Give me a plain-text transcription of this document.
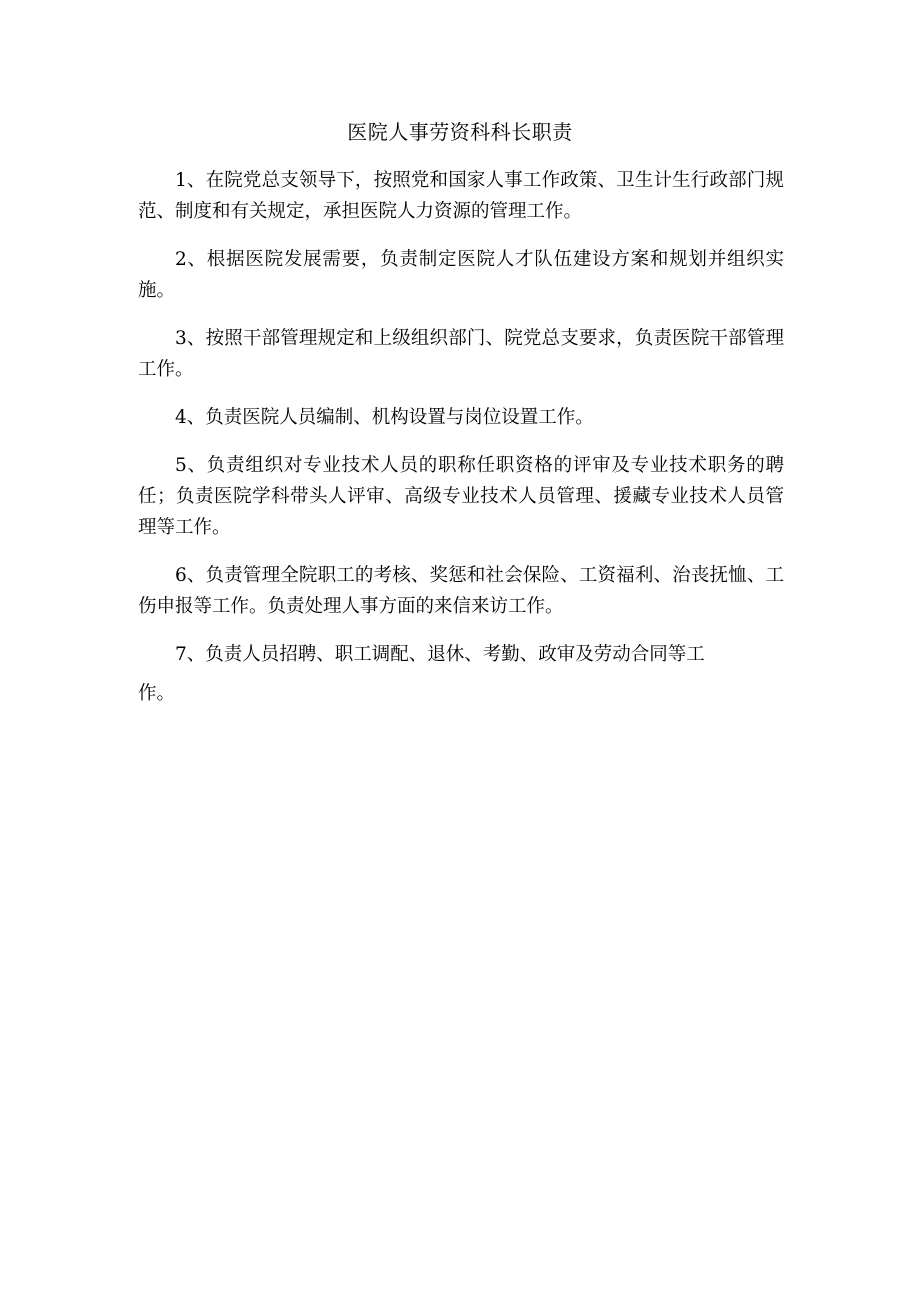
医院人事劳资科科长职责

1、在院党总支领导下，按照党和国家人事工作政策、卫生计生行政部门规范、制度和有关规定，承担医院人力资源的管理工作。

2、根据医院发展需要，负责制定医院人才队伍建设方案和规划并组织实施。

3、按照干部管理规定和上级组织部门、院党总支要求，负责医院干部管理工作。

4、负责医院人员编制、机构设置与岗位设置工作。

5、负责组织对专业技术人员的职称任职资格的评审及专业技术职务的聘任；负责医院学科带头人评审、高级专业技术人员管理、援藏专业技术人员管理等工作。

6、负责管理全院职工的考核、奖惩和社会保险、工资福利、治丧抚恤、工伤申报等工作。负责处理人事方面的来信来访工作。

7、负责人员招聘、职工调配、退休、考勤、政审及劳动合同等工
作。
